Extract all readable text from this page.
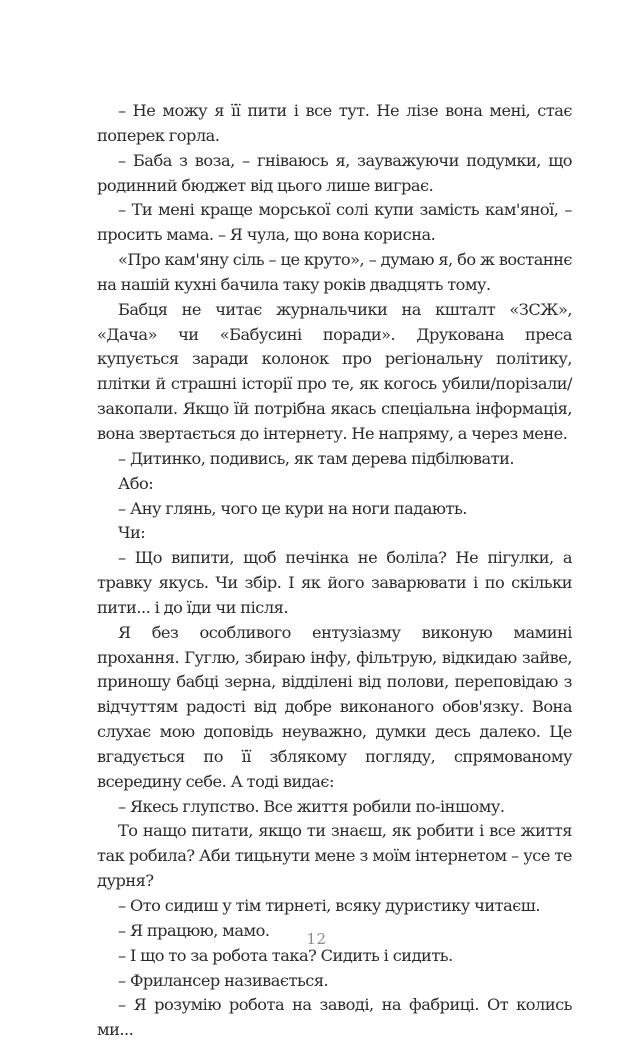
– Не можу я її пити і все тут. Не лізе вона мені, стає поперек горла.

– Баба з воза, – гніваюсь я, зауважуючи подумки, що родинний бюджет від цього лише виграє.

– Ти мені краще морської солі купи замість кам'яної, – просить мама. – Я чула, що вона корисна.

«Про кам'яну сіль – це круто», – думаю я, бо ж востаннє на нашій кухні бачила таку років двадцять тому.

Бабця не читає журнальчики на кшталт «ЗСЖ», «Дача» чи «Бабусині поради». Друкована преса купується заради колонок про регіональну політику, плітки й страшні історії про те, як когось убили/порізали/закопали. Якщо їй потрібна якась спеціальна інформація, вона звертається до інтернету. Не напряму, а через мене.

– Дитинко, подивись, як там дерева підбілювати.

Або:

– Ану глянь, чого це кури на ноги падають.

Чи:

– Що випити, щоб печінка не боліла? Не пігулки, а травку якусь. Чи збір. І як його заварювати і по скільки пити... і до їди чи після.

Я без особливого ентузіазму виконую мамині прохання. Гуглю, збираю інфу, фільтрую, відкидаю зайве, приношу бабці зерна, відділені від полови, переповідаю з відчуттям радості від добре виконаного обов'язку. Вона слухає мою доповідь неуважно, думки десь далеко. Це вгадується по її зблякому погляду, спрямованому всередину себе. А тоді видає:

– Якесь глупство. Все життя робили по-іншому.

То нащо питати, якщо ти знаєш, як робити і все життя так робила? Аби тицьнути мене з моїм інтернетом – усе те дурня?

– Ото сидиш у тім тирнеті, всяку дуристику читаєш.

– Я працюю, мамо.

– І що то за робота така? Сидить і сидить.

– Фрилансер називається.

– Я розумію робота на заводі, на фабриці. От колись ми...

12
